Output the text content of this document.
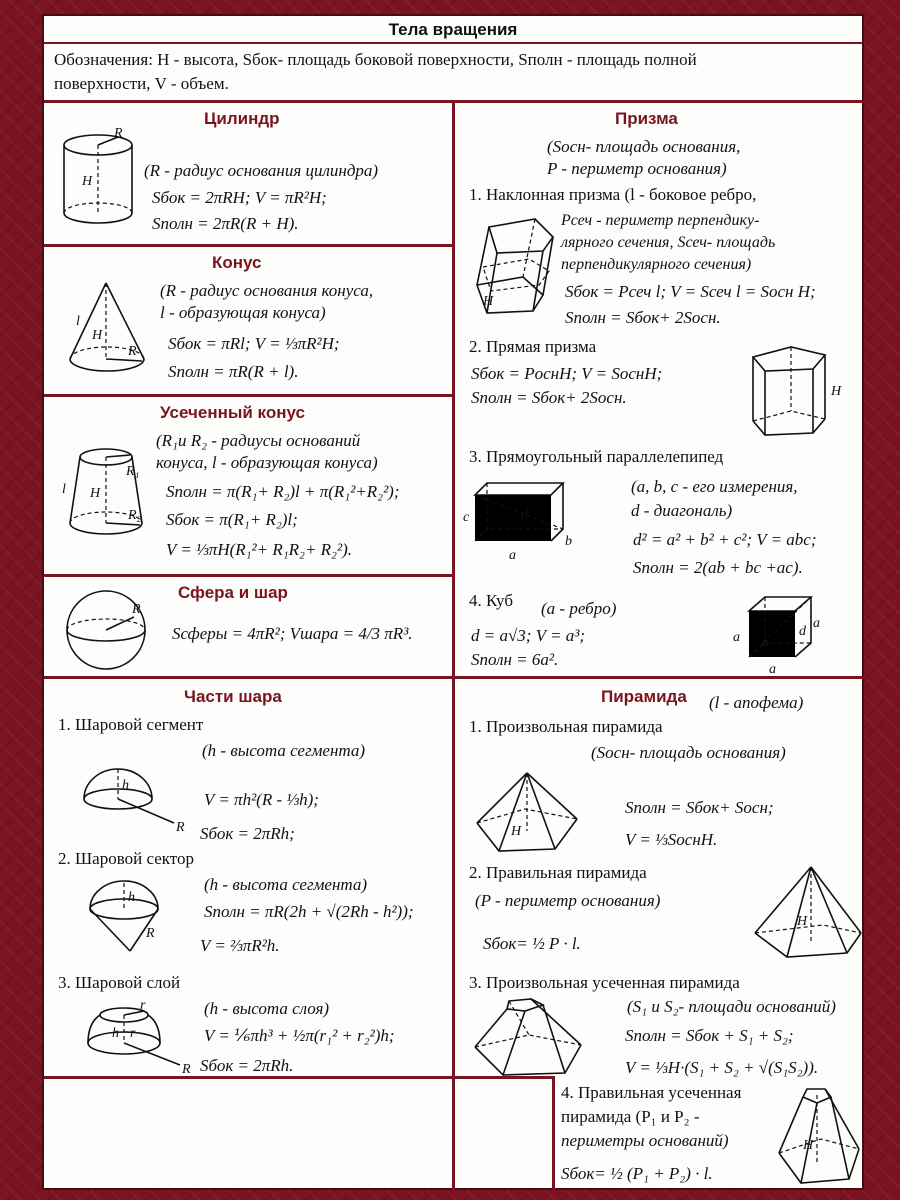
Тела вращения
Обозначения: H - высота, Sбок- площадь боковой поверхности, Sполн - площадь полной
поверхности, V - объем.
Цилиндр
R
H
(R - радиус основания цилиндра)
Sбок = 2πRH; V = πR²H;
Sполн = 2πR(R + H).
Конус
l
H
R
(R - радиус основания конуса,
l - образующая конуса)
Sбок = πRl; V = ⅓πR²H;
Sполн = πR(R + l).
Усеченный конус
l H
R₁
R₂
(R₁и R₂ - радиусы оснований
конуса, l - образующая конуса)
Sполн = π(R₁+ R₂)l + π(R₁²+R₂²);
Sбок = π(R₁+ R₂)l;
V = ⅓πH(R₁²+ R₁R₂+ R₂²).
Сфера и шар
R
Sсферы = 4πR²; Vшара = 4/3 πR³.
Призма
(Sосн- площадь основания,
P - периметр основания)
1. Наклонная призма (l - боковое ребро,
H
Pсеч - периметр перпендику-
лярного сечения, Sсеч- площадь
перпендикулярного сечения)
Sбок = Pсеч l; V = Sсеч l = Sосн H;
Sполн = Sбок+ 2Sосн.
2. Прямая призма
Sбок = PоснH; V = SоснH;
Sполн = Sбок+ 2Sосн.	H
3. Прямоугольный параллелепипед
c	d
b
a
(a, b, c - его измерения,
d - диагональ)
d² = a² + b² + c²; V = abc;
Sполн = 2(ab + bc +ac).
4. Куб (a - ребро)
d = a√3; V = a³;
Sполн = 6a².
a	d
a
a
Части шара
1. Шаровой сегмент
(h - высота сегмента)
h
R
V = πh²(R - ⅓h);
Sбок = 2πRh;
2. Шаровой сектор
(h - высота сегмента)
h
R
Sполн = πR(2h + √(2Rh - h²));
V = ⅔πR²h.
3. Шаровой слой
(h - высота слоя)
h
r
r
R
V = ⅙πh³ + ½π(r₁² + r₂²)h;
Sбок = 2πRh.
Пирамида (l - апофема)
1. Произвольная пирамида
(Sосн- площадь основания)
H
Sполн = Sбок+ Sосн;
V = ⅓SоснH.
2. Правильная пирамида
(P - периметр основания)
Sбок= ½ P · l.
H
3. Произвольная усеченная пирамида
(S₁ и S₂- площади оснований)
Sполн = Sбок + S₁ + S₂;
V = ⅓H·(S₁ + S₂ + √(S₁S₂)).
4. Правильная усеченная
пирамида (P₁ и P₂ -
периметры оснований)
Sбок= ½ (P₁ + P₂) · l.
H
